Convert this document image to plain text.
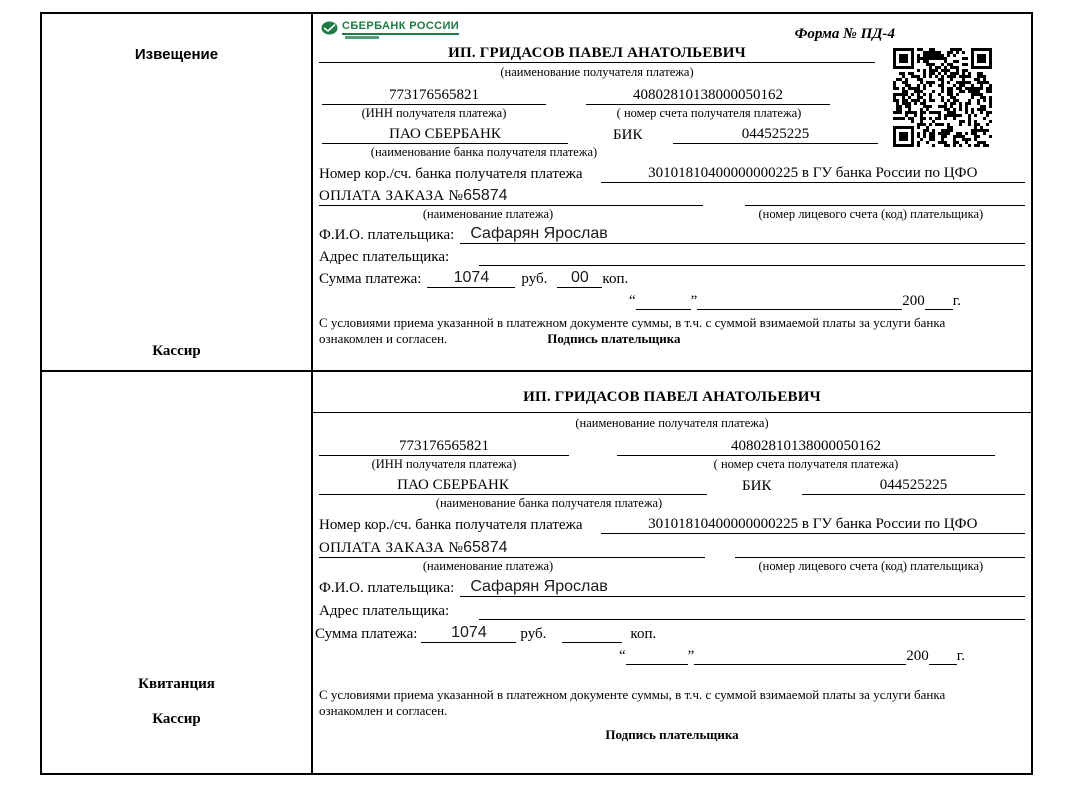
Извещение
Кассир
СБЕРБАНК РОССИИ	Форма № ПД-4
ИП. ГРИДАСОВ ПАВЕЛ АНАТОЛЬЕВИЧ
(наименование получателя платежа)
773176565821	40802810138000050162
(ИНН получателя платежа)	( номер счета получателя платежа)
ПАО СБЕРБАНК	БИК	044525225
(наименование банка получателя платежа)
Номер кор./сч. банка получателя платежа	30101810400000000225 в ГУ банка России по ЦФО
ОПЛАТА ЗАКАЗА №65874
(наименование платежа)	(номер лицевого счета (код) плательщика)
Ф.И.О. плательщика:	Сафарян Ярослав
Адрес плательщика:
Сумма платежа:	1074	руб.	00 коп.
“	”	200 г.
С условиями приема указанной в платежном документе суммы, в т.ч. с суммой взимаемой платы за услуги банка
ознакомлен и согласен.	Подпись плательщика
Квитанция
Кассир
ИП. ГРИДАСОВ ПАВЕЛ АНАТОЛЬЕВИЧ
(наименование получателя платежа)
773176565821	40802810138000050162
(ИНН получателя платежа)	( номер счета получателя платежа)
ПАО СБЕРБАНК	БИК	044525225
(наименование банка получателя платежа)
Номер кор./сч. банка получателя платежа	30101810400000000225 в ГУ банка России по ЦФО
ОПЛАТА ЗАКАЗА №65874
(наименование платежа)	(номер лицевого счета (код) плательщика)
Ф.И.О. плательщика:	Сафарян Ярослав
Адрес плательщика:
Сумма платежа:	1074	руб.	коп.
“	”	200 г.
С условиями приема указанной в платежном документе суммы, в т.ч. с суммой взимаемой платы за услуги банка
ознакомлен и согласен.
Подпись плательщика
